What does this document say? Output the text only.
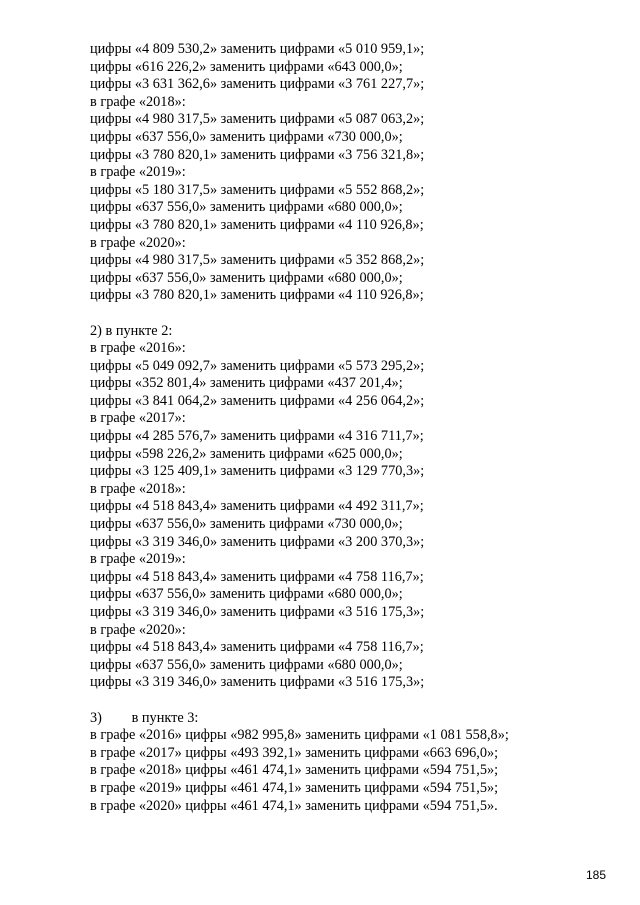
цифры «4 809 530,2» заменить цифрами «5 010 959,1»;
цифры «616 226,2» заменить цифрами «643 000,0»;
цифры «3 631 362,6» заменить цифрами «3 761 227,7»;
в графе «2018»:
цифры «4 980 317,5» заменить цифрами «5 087 063,2»;
цифры «637 556,0» заменить цифрами «730 000,0»;
цифры «3 780 820,1» заменить цифрами «3 756 321,8»;
в графе «2019»:
цифры «5 180 317,5» заменить цифрами «5 552 868,2»;
цифры «637 556,0» заменить цифрами «680 000,0»;
цифры «3 780 820,1» заменить цифрами «4 110 926,8»;
в графе «2020»:
цифры «4 980 317,5» заменить цифрами «5 352 868,2»;
цифры «637 556,0» заменить цифрами «680 000,0»;
цифры «3 780 820,1» заменить цифрами «4 110 926,8»;
2) в пункте 2:
в графе «2016»:
цифры «5 049 092,7» заменить цифрами «5 573 295,2»;
цифры «352 801,4» заменить цифрами «437 201,4»;
цифры «3 841 064,2» заменить цифрами «4 256 064,2»;
в графе «2017»:
цифры «4 285 576,7» заменить цифрами «4 316 711,7»;
цифры «598 226,2» заменить цифрами «625 000,0»;
цифры «3 125 409,1» заменить цифрами «3 129 770,3»;
в графе «2018»:
цифры «4 518 843,4» заменить цифрами «4 492 311,7»;
цифры «637 556,0» заменить цифрами «730 000,0»;
цифры «3 319 346,0» заменить цифрами «3 200 370,3»;
в графе «2019»:
цифры «4 518 843,4» заменить цифрами «4 758 116,7»;
цифры «637 556,0» заменить цифрами «680 000,0»;
цифры «3 319 346,0» заменить цифрами «3 516 175,3»;
в графе «2020»:
цифры «4 518 843,4» заменить цифрами «4 758 116,7»;
цифры «637 556,0» заменить цифрами «680 000,0»;
цифры «3 319 346,0» заменить цифрами «3 516 175,3»;
3) в пункте 3:
в графе «2016» цифры «982 995,8» заменить цифрами «1 081 558,8»;
в графе «2017» цифры «493 392,1» заменить цифрами «663 696,0»;
в графе «2018» цифры «461 474,1» заменить цифрами «594 751,5»;
в графе «2019» цифры «461 474,1» заменить цифрами «594 751,5»;
в графе «2020» цифры «461 474,1» заменить цифрами «594 751,5».
185
